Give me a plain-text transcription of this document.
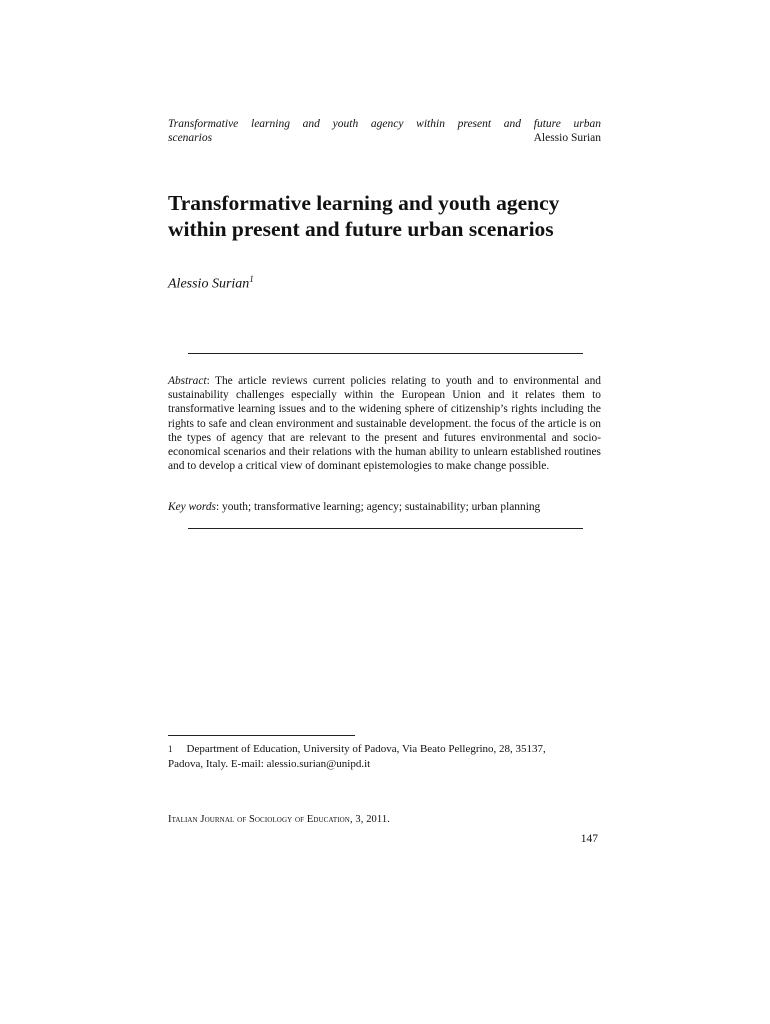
Transformative learning and youth agency within present and future urban
scenarios	Alessio Surian
Transformative learning and youth agency
within present and future urban scenarios
Alessio Surian$^1$

Abstract: The article reviews current policies relating to youth and to environmental and sustainability challenges especially within the European Union and it relates them to transformative learning issues and to the widening sphere of citizenship’s rights including the rights to safe and clean environment and sustainable development. the focus of the article is on the types of agency that are relevant to the present and futures environmental and socio-economical scenarios and their relations with the human ability to unlearn established routines and to develop a critical view of dominant epistemologies to make change possible.

Key words: youth; transformative learning; agency; sustainability; urban planning

$^1$ Department of Education, University of Padova, Via Beato Pellegrino, 28, 35137,
Padova, Italy. E-mail: alessio.surian@unipd.it
Italian Journal of Sociology of Education, 3, 2011.
147
